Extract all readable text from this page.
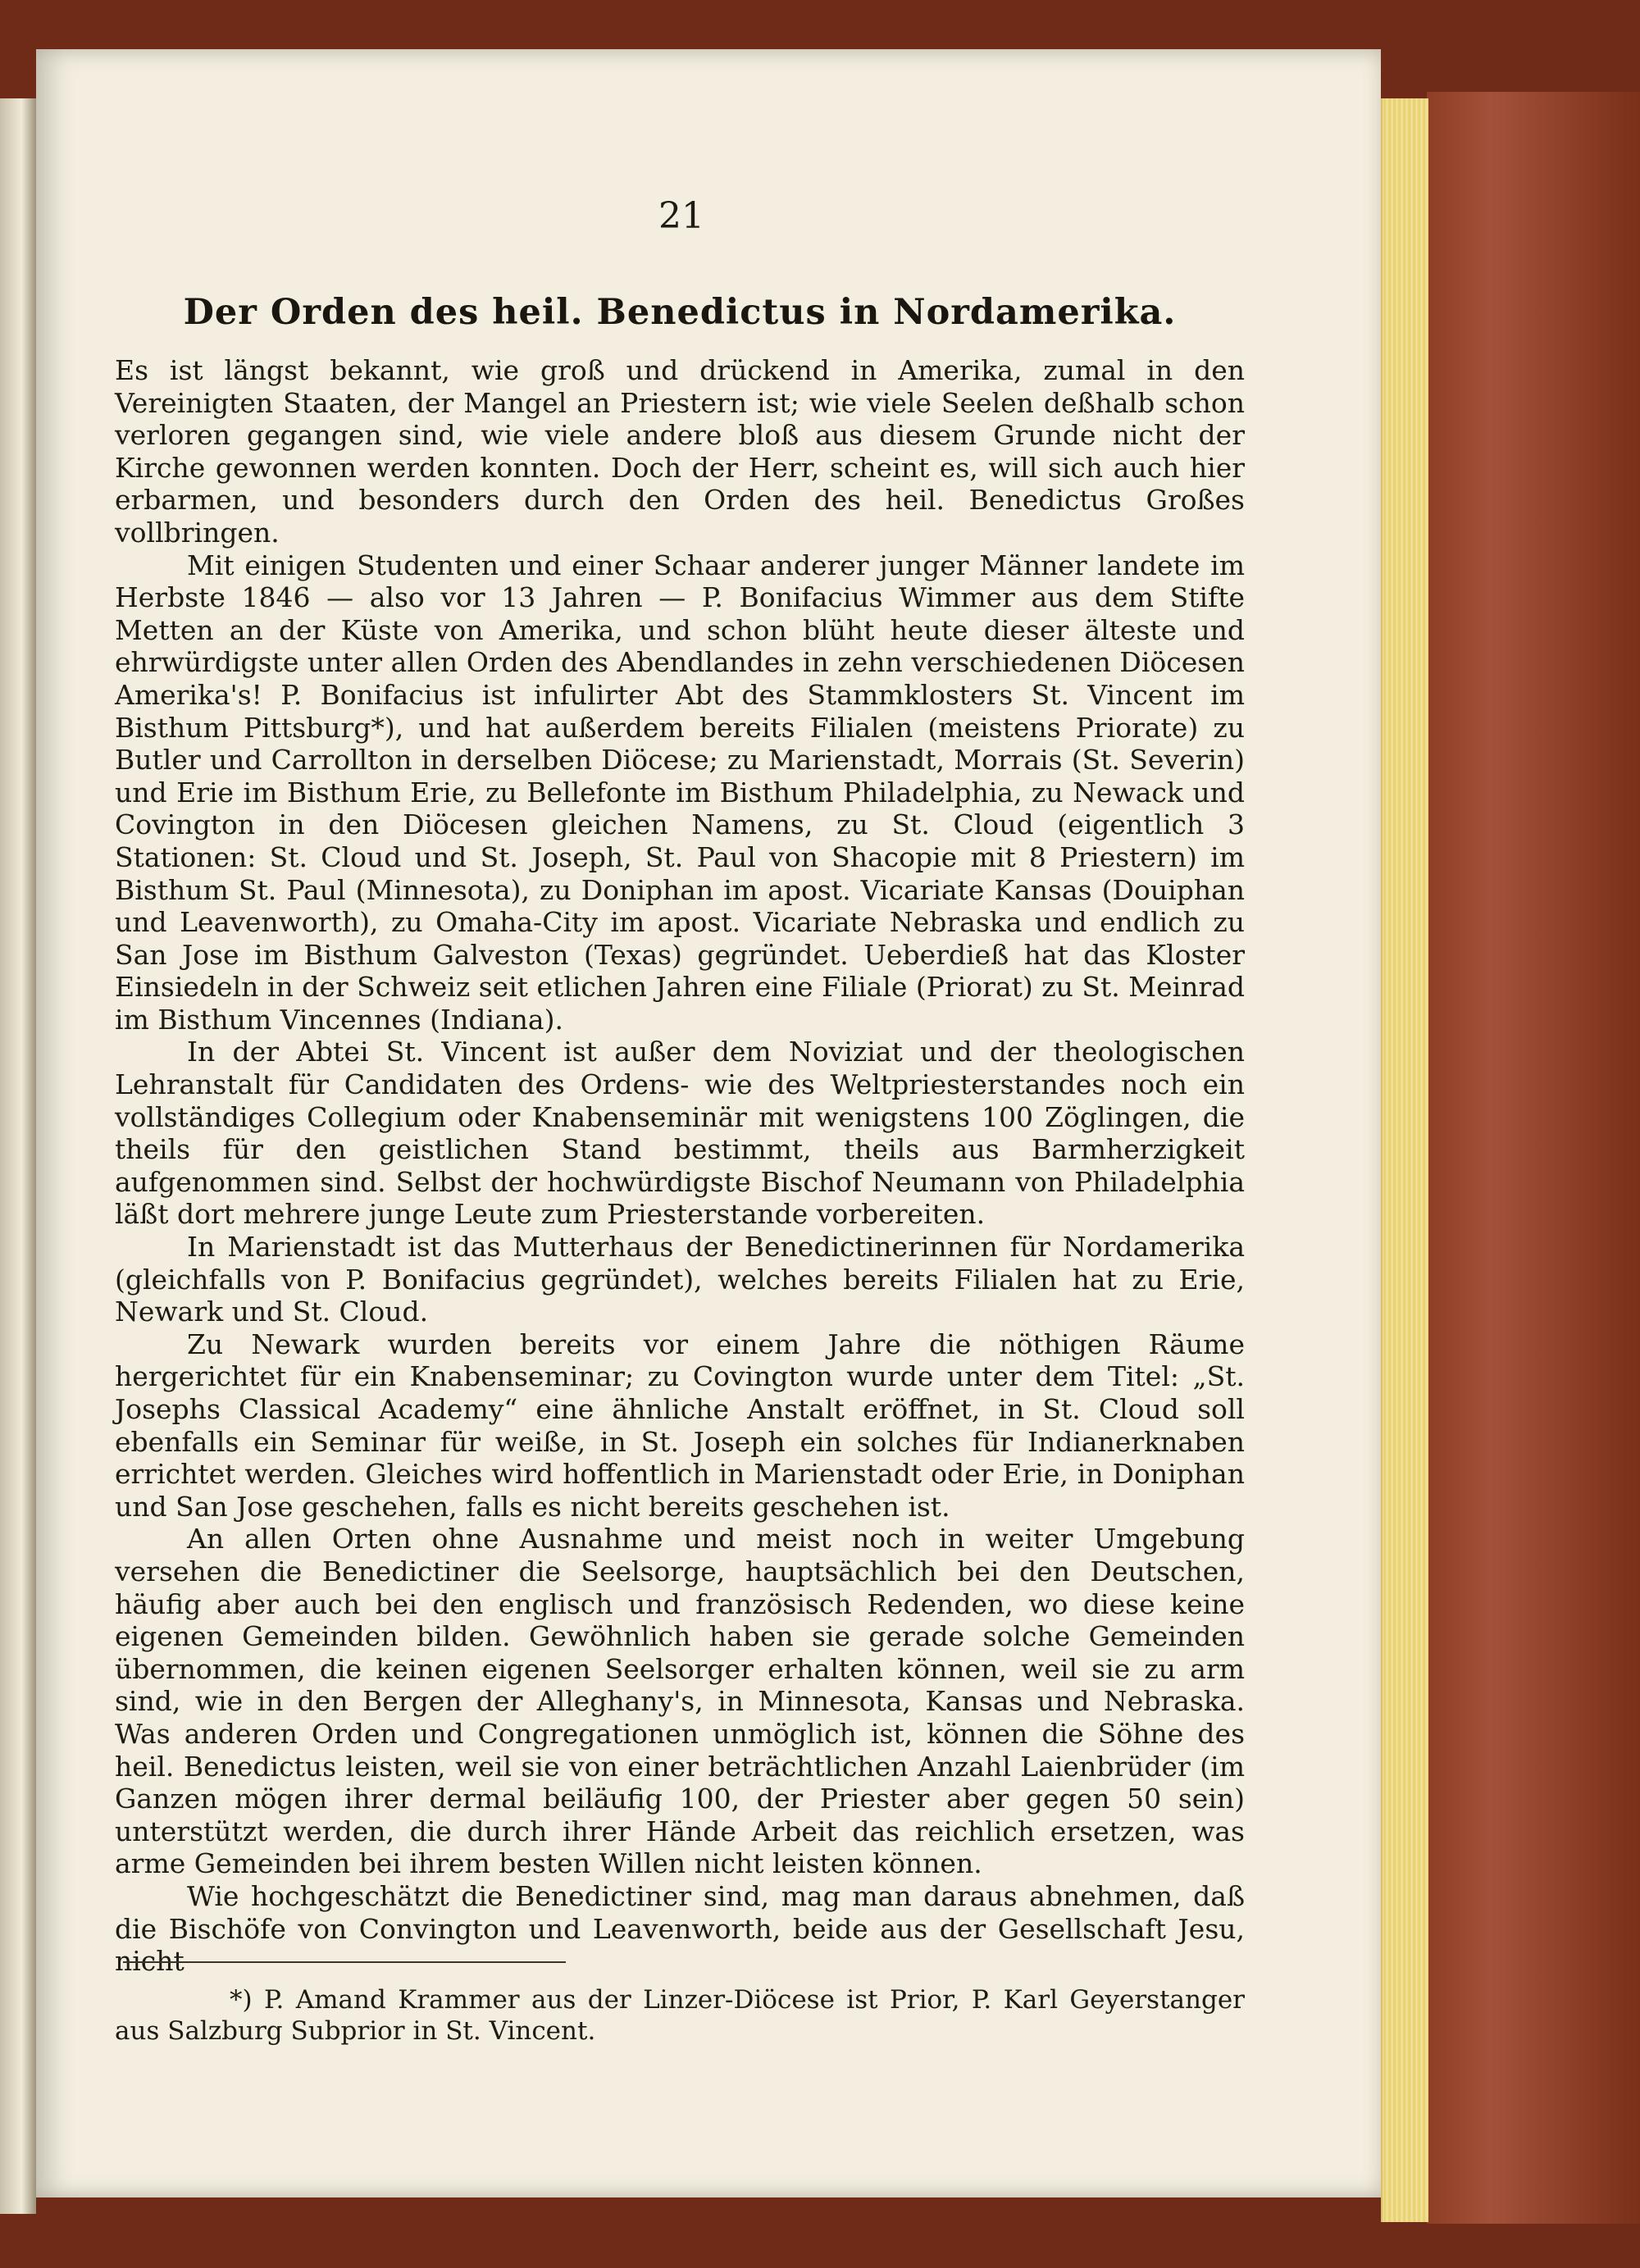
21
Der Orden des heil. Benedictus in Nordamerika.

Es ist längst bekannt, wie groß und drückend in Amerika, zumal in den Vereinigten Staaten, der Mangel an Priestern ist; wie viele Seelen deßhalb schon verloren gegangen sind, wie viele andere bloß aus diesem Grunde nicht der Kirche gewonnen werden konnten. Doch der Herr, scheint es, will sich auch hier erbarmen, und besonders durch den Orden des heil. Benedictus Großes vollbringen.

Mit einigen Studenten und einer Schaar anderer junger Männer landete im Herbste 1846 — also vor 13 Jahren — P. Bonifacius Wimmer aus dem Stifte Metten an der Küste von Amerika, und schon blüht heute dieser älteste und ehrwürdigste unter allen Orden des Abendlandes in zehn verschiedenen Diöcesen Amerika's! P. Bonifacius ist infulirter Abt des Stammklosters St. Vincent im Bisthum Pittsburg*), und hat außerdem bereits Filialen (meistens Priorate) zu Butler und Carrollton in derselben Diöcese; zu Marienstadt, Morrais (St. Severin) und Erie im Bisthum Erie, zu Bellefonte im Bisthum Philadelphia, zu Newack und Covington in den Diöcesen gleichen Namens, zu St. Cloud (eigentlich 3 Stationen: St. Cloud und St. Joseph, St. Paul von Shacopie mit 8 Priestern) im Bisthum St. Paul (Minnesota), zu Doniphan im apost. Vicariate Kansas (Douiphan und Leavenworth), zu Omaha-City im apost. Vicariate Nebraska und endlich zu San Jose im Bisthum Galveston (Texas) gegründet. Ueberdieß hat das Kloster Einsiedeln in der Schweiz seit etlichen Jahren eine Filiale (Priorat) zu St. Meinrad im Bisthum Vincennes (Indiana).

In der Abtei St. Vincent ist außer dem Noviziat und der theologischen Lehranstalt für Candidaten des Ordens- wie des Weltpriesterstandes noch ein vollständiges Collegium oder Knabenseminär mit wenigstens 100 Zöglingen, die theils für den geistlichen Stand bestimmt, theils aus Barmherzigkeit aufgenommen sind. Selbst der hochwürdigste Bischof Neumann von Philadelphia läßt dort mehrere junge Leute zum Priesterstande vorbereiten.

In Marienstadt ist das Mutterhaus der Benedictinerinnen für Nordamerika (gleichfalls von P. Bonifacius gegründet), welches bereits Filialen hat zu Erie, Newark und St. Cloud.

Zu Newark wurden bereits vor einem Jahre die nöthigen Räume hergerichtet für ein Knabenseminar; zu Covington wurde unter dem Titel: „St. Josephs Classical Academy“ eine ähnliche Anstalt eröffnet, in St. Cloud soll ebenfalls ein Seminar für weiße, in St. Joseph ein solches für Indianerknaben errichtet werden. Gleiches wird hoffentlich in Marienstadt oder Erie, in Doniphan und San Jose geschehen, falls es nicht bereits geschehen ist.

An allen Orten ohne Ausnahme und meist noch in weiter Umgebung versehen die Benedictiner die Seelsorge, hauptsächlich bei den Deutschen, häufig aber auch bei den englisch und französisch Redenden, wo diese keine eigenen Gemeinden bilden. Gewöhnlich haben sie gerade solche Gemeinden übernommen, die keinen eigenen Seelsorger erhalten können, weil sie zu arm sind, wie in den Bergen der Alleghany's, in Minnesota, Kansas und Nebraska. Was anderen Orden und Congregationen unmöglich ist, können die Söhne des heil. Benedictus leisten, weil sie von einer beträchtlichen Anzahl Laienbrüder (im Ganzen mögen ihrer dermal beiläufig 100, der Priester aber gegen 50 sein) unterstützt werden, die durch ihrer Hände Arbeit das reichlich ersetzen, was arme Gemeinden bei ihrem besten Willen nicht leisten können.

Wie hochgeschätzt die Benedictiner sind, mag man daraus abnehmen, daß die Bischöfe von Convington und Leavenworth, beide aus der Gesellschaft Jesu, nicht

*) P. Amand Krammer aus der Linzer-Diöcese ist Prior, P. Karl Geyerstanger aus Salzburg Subprior in St. Vincent.
